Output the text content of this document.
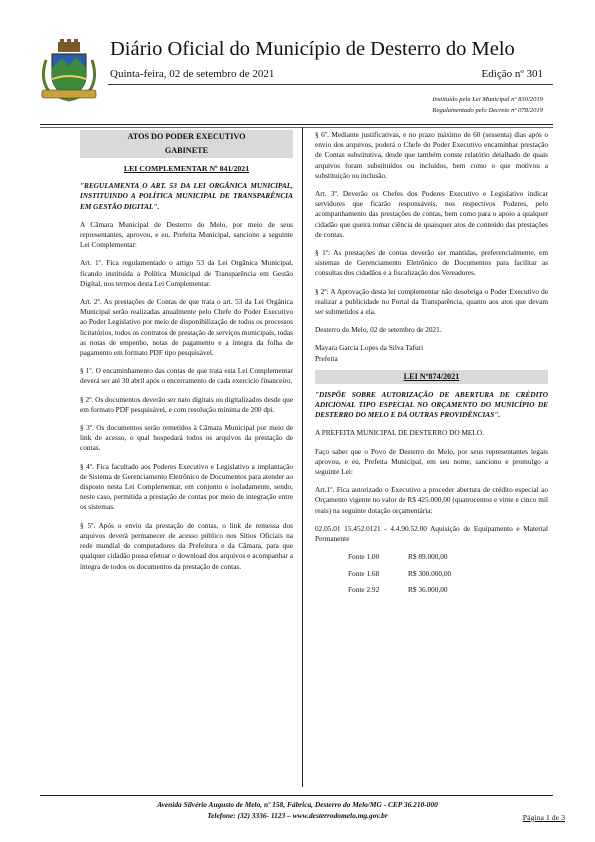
Diário Oficial do Município de Desterro do Melo
Quinta-feira, 02 de setembro de 2021	Edição nº 301
Instituído pela Lei Municipal nº 830/2019
Regulamentado pelo Decreto nº 078/2019
ATOS DO PODER EXECUTIVO
GABINETE
LEI COMPLEMENTAR Nº 841/2021

"REGULAMENTA O ART. 53 DA LEI ORGÂNICA MUNICIPAL, INSTITUINDO A POLÍTICA MUNICIPAL DE TRANSPARÊNCIA EM GESTÃO DIGITAL".

A Câmara Municipal de Desterro do Melo, por meio de seus representantes, aprovou, e eu, Prefeita Municipal, sanciono a seguinte Lei Complementar:

Art. 1º. Fica regulamentado o artigo 53 da Lei Orgânica Municipal, ficando instituída a Política Municipal de Transparência em Gestão Digital, nos termos desta Lei Complementar.

Art. 2º. As prestações de Contas de que trata o art. 53 da Lei Orgânica Municipal serão realizadas anualmente pelo Chefe do Poder Executivo ao Poder Legislativo por meio de disponibilização de todos os processos licitatórios, todos os contratos de prestação de serviços municipais, todas as notas de empenho, notas de pagamento e a íntegra da folha de pagamento em formato PDF tipo pesquisável.

§ 1º. O encaminhamento das contas de que trata esta Lei Complementar deverá ser até 30 abril após o encerramento de cada exercício financeiro.

§ 2º. Os documentos deverão ser nato digitais ou digitalizados desde que em formato PDF pesquisável, e com resolução mínima de 200 dpi.

§ 3º. Os documentos serão remetidos à Câmara Municipal por meio de link de acesso, o qual hospedará todos os arquivos da prestação de contas.

§ 4º. Fica facultado aos Poderes Executivo e Legislativo a implantação de Sistema de Gerenciamento Eletrônico de Documentos para atender ao disposto nesta Lei Complementar, em conjunto e isoladamente, sendo, neste caso, permitida a prestação de contas por meio de integração entre os sistemas.

§ 5º. Após o envio da prestação de contas, o link de remessa dos arquivos deverá permanecer de acesso público nos Sítios Oficiais na rede mundial de computadores da Prefeitura e da Câmara, para que qualquer cidadão possa efetuar o download dos arquivos e acompanhar a íntegra de todos os documentos da prestação de contas.

§ 6º. Mediante justificativas, e no prazo máximo de 60 (sessenta) dias após o envio dos arquivos, poderá o Chefe do Poder Executivo encaminhar prestação de Contas substitutiva, desde que também conste relatório detalhado de quais arquivos foram substituídos ou incluídos, bem como o que motivou a substituição ou inclusão.

Art. 3º. Deverão os Chefes dos Poderes Executivo e Legislativo indicar servidores que ficarão responsáveis, nos respectivos Poderes, pelo acompanhamento das prestações de contas, bem como para o apoio a qualquer cidadão que queira tomar ciência de quaisquer atos de conteúdo das prestações de contas.

§ 1º: As prestações de contas deverão ser mantidas, preferencialmente, em sistemas de Gerenciamento Eletrônico de Documentos para facilitar as consultas dos cidadãos e a fiscalização dos Vereadores.

§ 2º: A Aprovação desta lei complementar não desobriga o Poder Executivo de realizar a publicidade no Portal da Transparência, quanto aos atos que devam ser submetidos a ela.

Desterro do Melo, 02 de setembro de 2021.

Mayara Garcia Lopes da Silva Tafuri

Prefeita

LEI Nº874/2021

"DISPÕE SOBRE AUTORIZAÇÃO DE ABERTURA DE CRÉDITO ADICIONAL TIPO ESPECIAL NO ORÇAMENTO DO MUNICÍPIO DE DESTERRO DO MELO E DÁ OUTRAS PROVIDÊNCIAS".

A PREFEITA MUNICIPAL DE DESTERRO DO MELO.

Faço saber que o Povo de Desterro do Melo, por seus representantes legais aprovou, e eu, Prefeita Municipal, em seu nome, sanciono e promulgo a seguinte Lei:

Art.1º. Fica autorizado o Executivo a proceder abertura de crédito especial ao Orçamento vigente no valor de R$ 425.000,00 (quatrocentos e vinte e cinco mil reais) na seguinte dotação orçamentária:

02.05.01 15.452.0121 - 4.4.90.52.00 Aquisição de Equipamento e Material Permanente

Fonte 1.00	R$ 89.000,00
Fonte 1.68	R$ 300.000,00
Fonte 2.92	R$ 36.000,00
Avenida Silvério Augusto de Melo, nº 158, Fábrica, Desterro do Melo/MG - CEP 36.210-000
Telefone: (32) 3336- 1123 – www.desterrodomelo.mg.gov.br	Página 1 de 3
